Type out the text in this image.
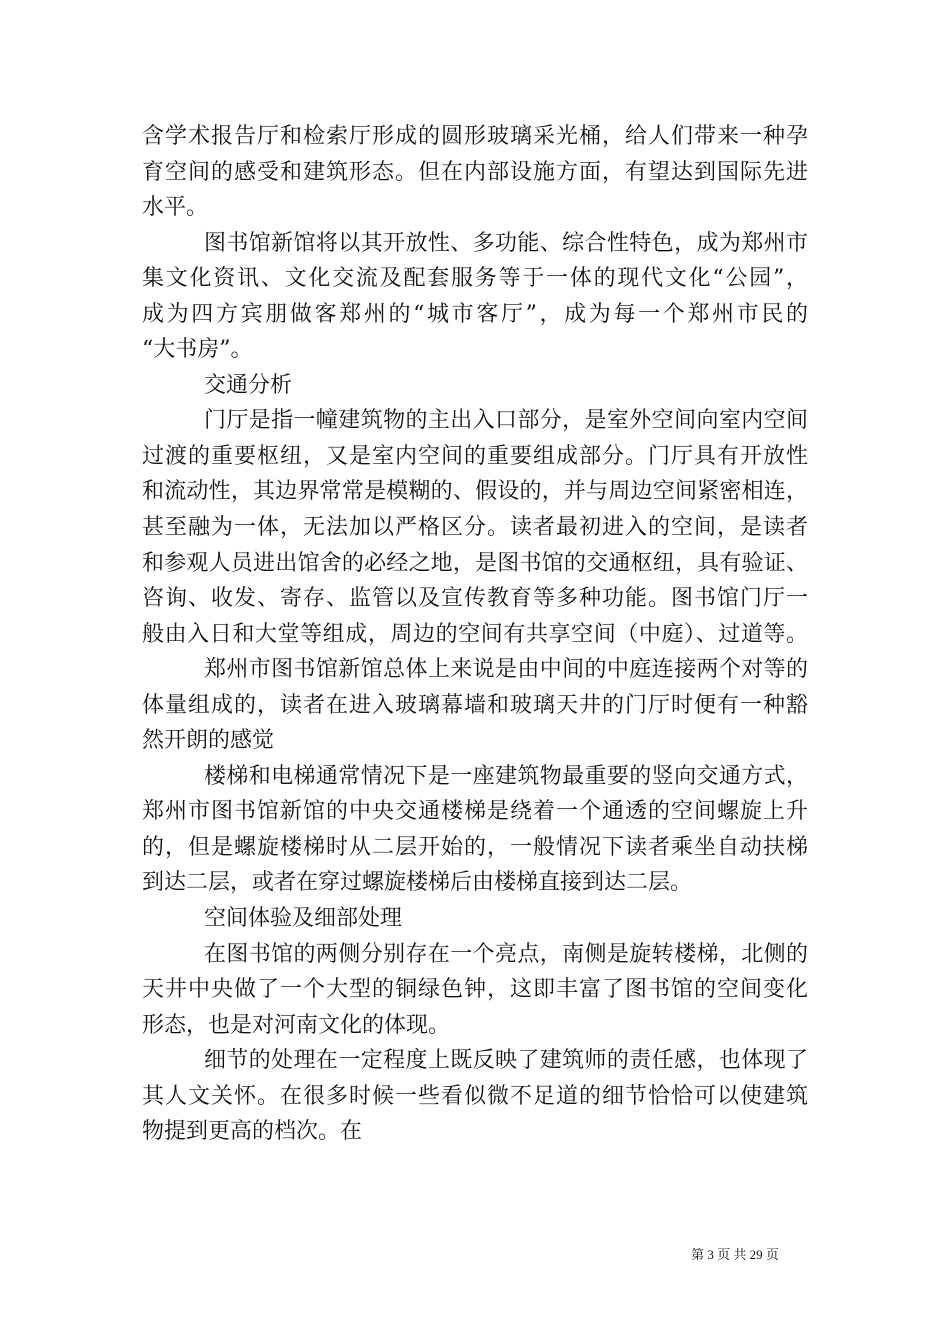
含学术报告厅和检索厅形成的圆形玻璃采光桶，给人们带来一种孕
育空间的感受和建筑形态。但在内部设施方面，有望达到国际先进
水平。
图书馆新馆将以其开放性、多功能、综合性特色，成为郑州市
集文化资讯、文化交流及配套服务等于一体的现代文化“公园”，
成为四方宾朋做客郑州的“城市客厅”，成为每一个郑州市民的
“大书房”。
交通分析
门厅是指一幢建筑物的主出入口部分，是室外空间向室内空间
过渡的重要枢纽，又是室内空间的重要组成部分。门厅具有开放性
和流动性，其边界常常是模糊的、假设的，并与周边空间紧密相连，
甚至融为一体，无法加以严格区分。读者最初进入的空间，是读者
和参观人员进出馆舍的必经之地，是图书馆的交通枢纽，具有验证、
咨询、收发、寄存、监管以及宣传教育等多种功能。图书馆门厅一
般由入日和大堂等组成，周边的空间有共享空间（中庭）、过道等。
郑州市图书馆新馆总体上来说是由中间的中庭连接两个对等的
体量组成的，读者在进入玻璃幕墙和玻璃天井的门厅时便有一种豁
然开朗的感觉
楼梯和电梯通常情况下是一座建筑物最重要的竖向交通方式，
郑州市图书馆新馆的中央交通楼梯是绕着一个通透的空间螺旋上升
的，但是螺旋楼梯时从二层开始的，一般情况下读者乘坐自动扶梯
到达二层，或者在穿过螺旋楼梯后由楼梯直接到达二层。
空间体验及细部处理
在图书馆的两侧分别存在一个亮点，南侧是旋转楼梯，北侧的
天井中央做了一个大型的铜绿色钟，这即丰富了图书馆的空间变化
形态，也是对河南文化的体现。
细节的处理在一定程度上既反映了建筑师的责任感，也体现了
其人文关怀。在很多时候一些看似微不足道的细节恰恰可以使建筑
物提到更高的档次。在
第 3 页 共 29 页
